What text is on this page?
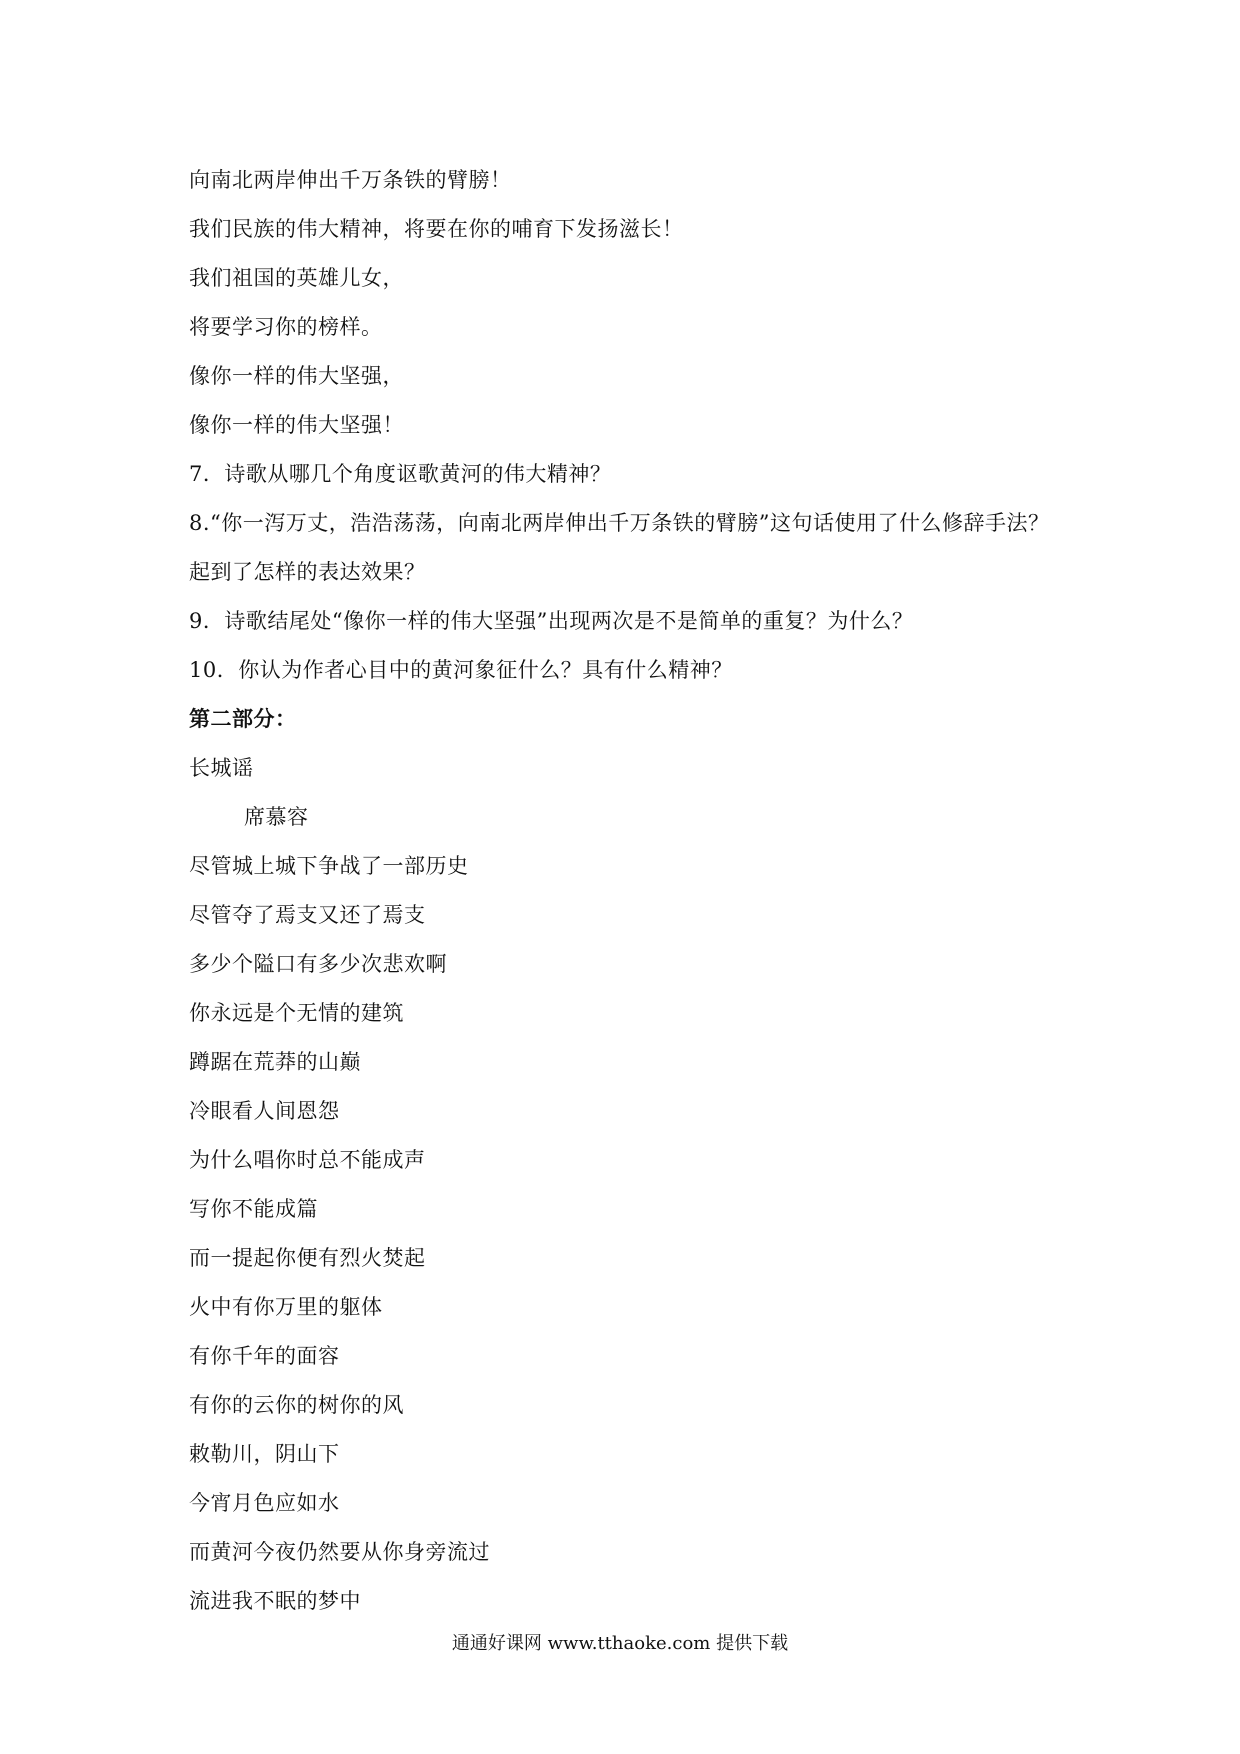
向南北两岸伸出千万条铁的臂膀！
我们民族的伟大精神，将要在你的哺育下发扬滋长！
我们祖国的英雄儿女，
将要学习你的榜样。
像你一样的伟大坚强，
像你一样的伟大坚强！
7．诗歌从哪几个角度讴歌黄河的伟大精神？
8.“你一泻万丈，浩浩荡荡，向南北两岸伸出千万条铁的臂膀”这句话使用了什么修辞手法？
起到了怎样的表达效果？
9．诗歌结尾处“像你一样的伟大坚强”出现两次是不是简单的重复？为什么？
10．你认为作者心目中的黄河象征什么？具有什么精神？
第二部分：
长城谣
席慕容
尽管城上城下争战了一部历史
尽管夺了焉支又还了焉支
多少个隘口有多少次悲欢啊
你永远是个无情的建筑
蹲踞在荒莽的山巅
冷眼看人间恩怨
为什么唱你时总不能成声
写你不能成篇
而一提起你便有烈火焚起
火中有你万里的躯体
有你千年的面容
有你的云你的树你的风
敕勒川，阴山下
今宵月色应如水
而黄河今夜仍然要从你身旁流过
流进我不眠的梦中
通通好课网 www.tthaoke.com 提供下载
